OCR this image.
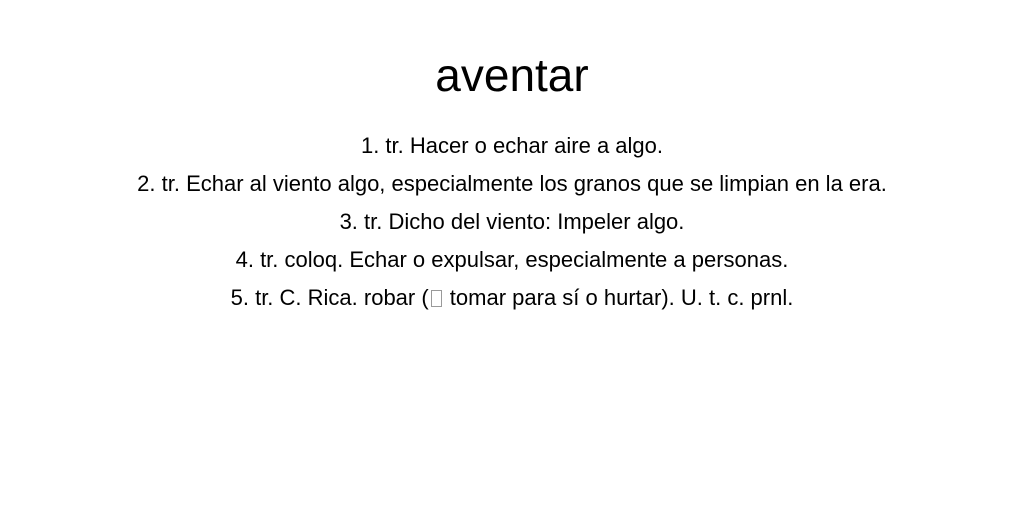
aventar
1. tr. Hacer o echar aire a algo.
2. tr. Echar al viento algo, especialmente los granos que se limpian en la era.
3. tr. Dicho del viento: Impeler algo.
4. tr. coloq. Echar o expulsar, especialmente a personas.
5. tr. C. Rica. robar ( tomar para sí o hurtar). U. t. c. prnl.
